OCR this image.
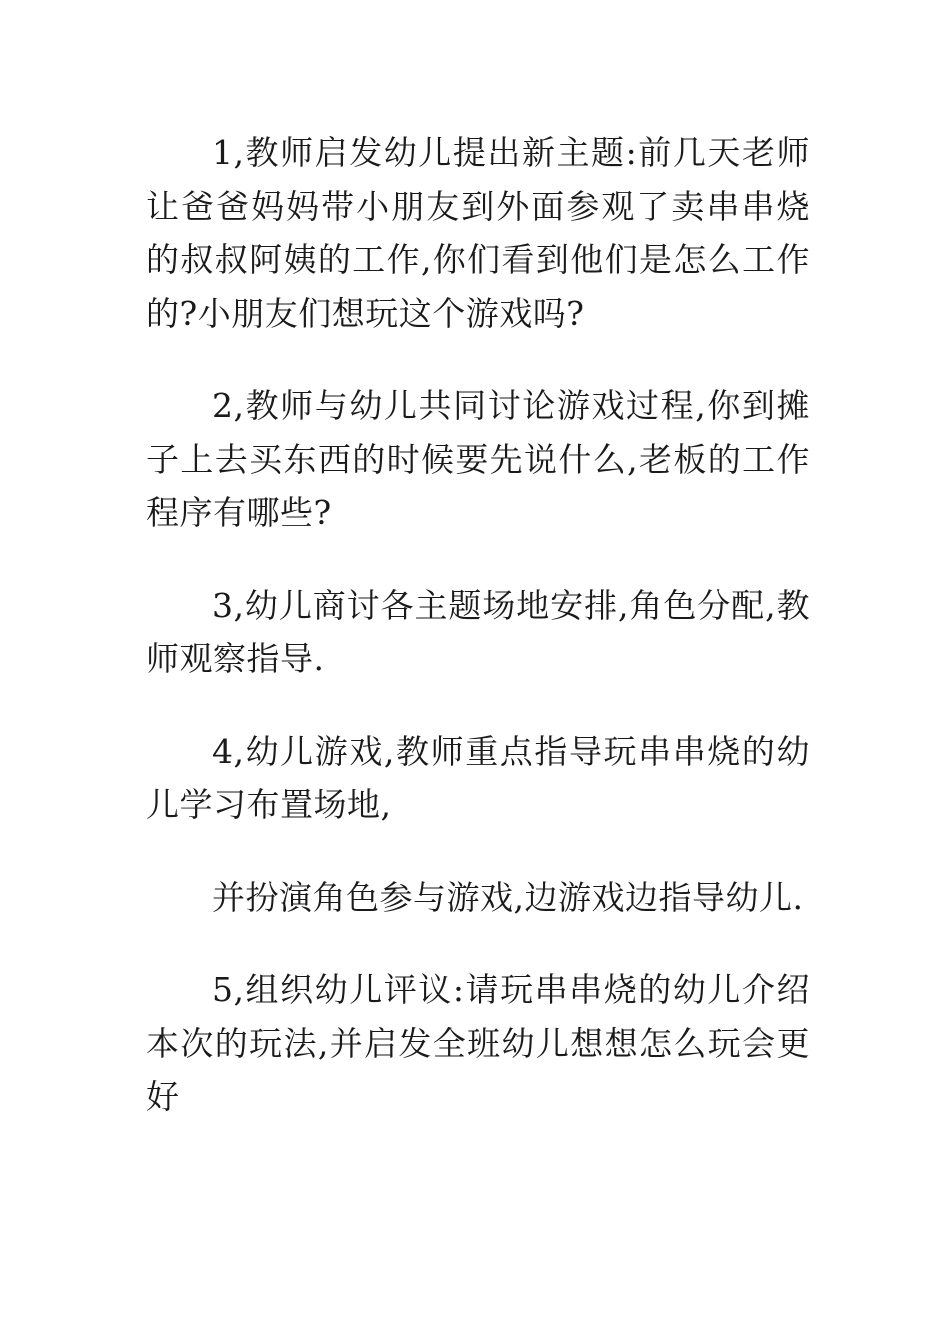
1,教师启发幼儿提出新主题:前几天老师让爸爸妈妈带小朋友到外面参观了卖串串烧的叔叔阿姨的工作,你们看到他们是怎么工作的?小朋友们想玩这个游戏吗?

2,教师与幼儿共同讨论游戏过程,你到摊子上去买东西的时候要先说什么,老板的工作程序有哪些?

3,幼儿商讨各主题场地安排,角色分配,教师观察指导.

4,幼儿游戏,教师重点指导玩串串烧的幼儿学习布置场地,

并扮演角色参与游戏,边游戏边指导幼儿.

5,组织幼儿评议:请玩串串烧的幼儿介绍本次的玩法,并启发全班幼儿想想怎么玩会更好
